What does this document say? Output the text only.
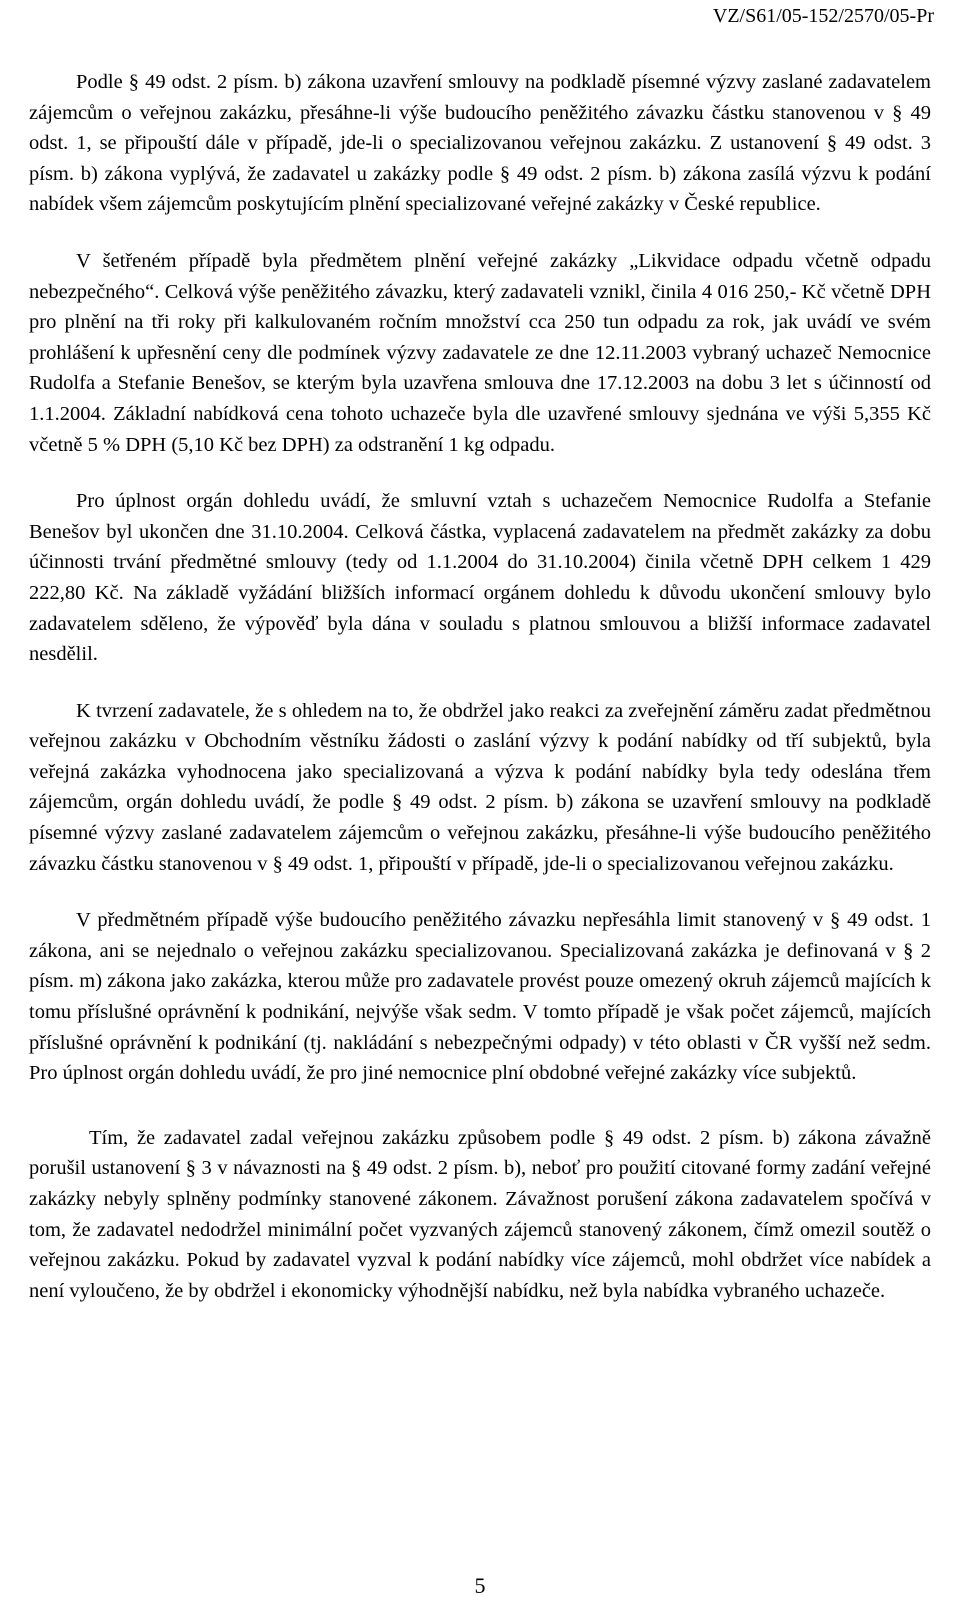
VZ/S61/05-152/2570/05-Pr

Podle § 49 odst. 2 písm. b) zákona uzavření smlouvy na podkladě písemné výzvy zaslané zadavatelem zájemcům o veřejnou zakázku, přesáhne-li výše budoucího peněžitého závazku částku stanovenou v § 49 odst. 1, se připouští dále v případě, jde-li o specializovanou veřejnou zakázku. Z ustanovení § 49 odst. 3 písm. b) zákona vyplývá, že zadavatel u zakázky podle § 49 odst. 2 písm. b) zákona zasílá výzvu k podání nabídek všem zájemcům poskytujícím plnění specializované veřejné zakázky v České republice.

V šetřeném případě byla předmětem plnění veřejné zakázky „Likvidace odpadu včetně odpadu nebezpečného“. Celková výše peněžitého závazku, který zadavateli vznikl, činila 4 016 250,- Kč včetně DPH pro plnění na tři roky při kalkulovaném ročním množství cca 250 tun odpadu za rok, jak uvádí ve svém prohlášení k upřesnění ceny dle podmínek výzvy zadavatele ze dne 12.11.2003 vybraný uchazeč Nemocnice Rudolfa a Stefanie Benešov, se kterým byla uzavřena smlouva dne 17.12.2003 na dobu 3 let s účinností od 1.1.2004. Základní nabídková cena tohoto uchazeče byla dle uzavřené smlouvy sjednána ve výši 5,355 Kč včetně 5 % DPH (5,10 Kč bez DPH) za odstranění 1 kg odpadu.

Pro úplnost orgán dohledu uvádí, že smluvní vztah s uchazečem Nemocnice Rudolfa a Stefanie Benešov byl ukončen dne 31.10.2004. Celková částka, vyplacená zadavatelem na předmět zakázky za dobu účinnosti trvání předmětné smlouvy (tedy od 1.1.2004 do 31.10.2004) činila včetně DPH celkem 1 429 222,80 Kč. Na základě vyžádání bližších informací orgánem dohledu k důvodu ukončení smlouvy bylo zadavatelem sděleno, že výpověď byla dána v souladu s platnou smlouvou a bližší informace zadavatel nesdělil.

K tvrzení zadavatele, že s ohledem na to, že obdržel jako reakci za zveřejnění záměru zadat předmětnou veřejnou zakázku v Obchodním věstníku žádosti o zaslání výzvy k podání nabídky od tří subjektů, byla veřejná zakázka vyhodnocena jako specializovaná a výzva k podání nabídky byla tedy odeslána třem zájemcům, orgán dohledu uvádí, že podle § 49 odst. 2 písm. b) zákona se uzavření smlouvy na podkladě písemné výzvy zaslané zadavatelem zájemcům o veřejnou zakázku, přesáhne-li výše budoucího peněžitého závazku částku stanovenou v § 49 odst. 1, připouští v případě, jde-li o specializovanou veřejnou zakázku.

V předmětném případě výše budoucího peněžitého závazku nepřesáhla limit stanovený v § 49 odst. 1 zákona, ani se nejednalo o veřejnou zakázku specializovanou. Specializovaná zakázka je definovaná v § 2 písm. m) zákona jako zakázka, kterou může pro zadavatele provést pouze omezený okruh zájemců majících k tomu příslušné oprávnění k podnikání, nejvýše však sedm. V tomto případě je však počet zájemců, majících příslušné oprávnění k podnikání (tj. nakládání s nebezpečnými odpady) v této oblasti v ČR vyšší než sedm. Pro úplnost orgán dohledu uvádí, že pro jiné nemocnice plní obdobné veřejné zakázky více subjektů.

Tím, že zadavatel zadal veřejnou zakázku způsobem podle § 49 odst. 2 písm. b) zákona závažně porušil ustanovení § 3 v návaznosti na § 49 odst. 2 písm. b), neboť pro použití citované formy zadání veřejné zakázky nebyly splněny podmínky stanovené zákonem. Závažnost porušení zákona zadavatelem spočívá v tom, že zadavatel nedodržel minimální počet vyzvaných zájemců stanovený zákonem, čímž omezil soutěž o veřejnou zakázku. Pokud by zadavatel vyzval k podání nabídky více zájemců, mohl obdržet více nabídek a není vyloučeno, že by obdržel i ekonomicky výhodnější nabídku, než byla nabídka vybraného uchazeče.

5
